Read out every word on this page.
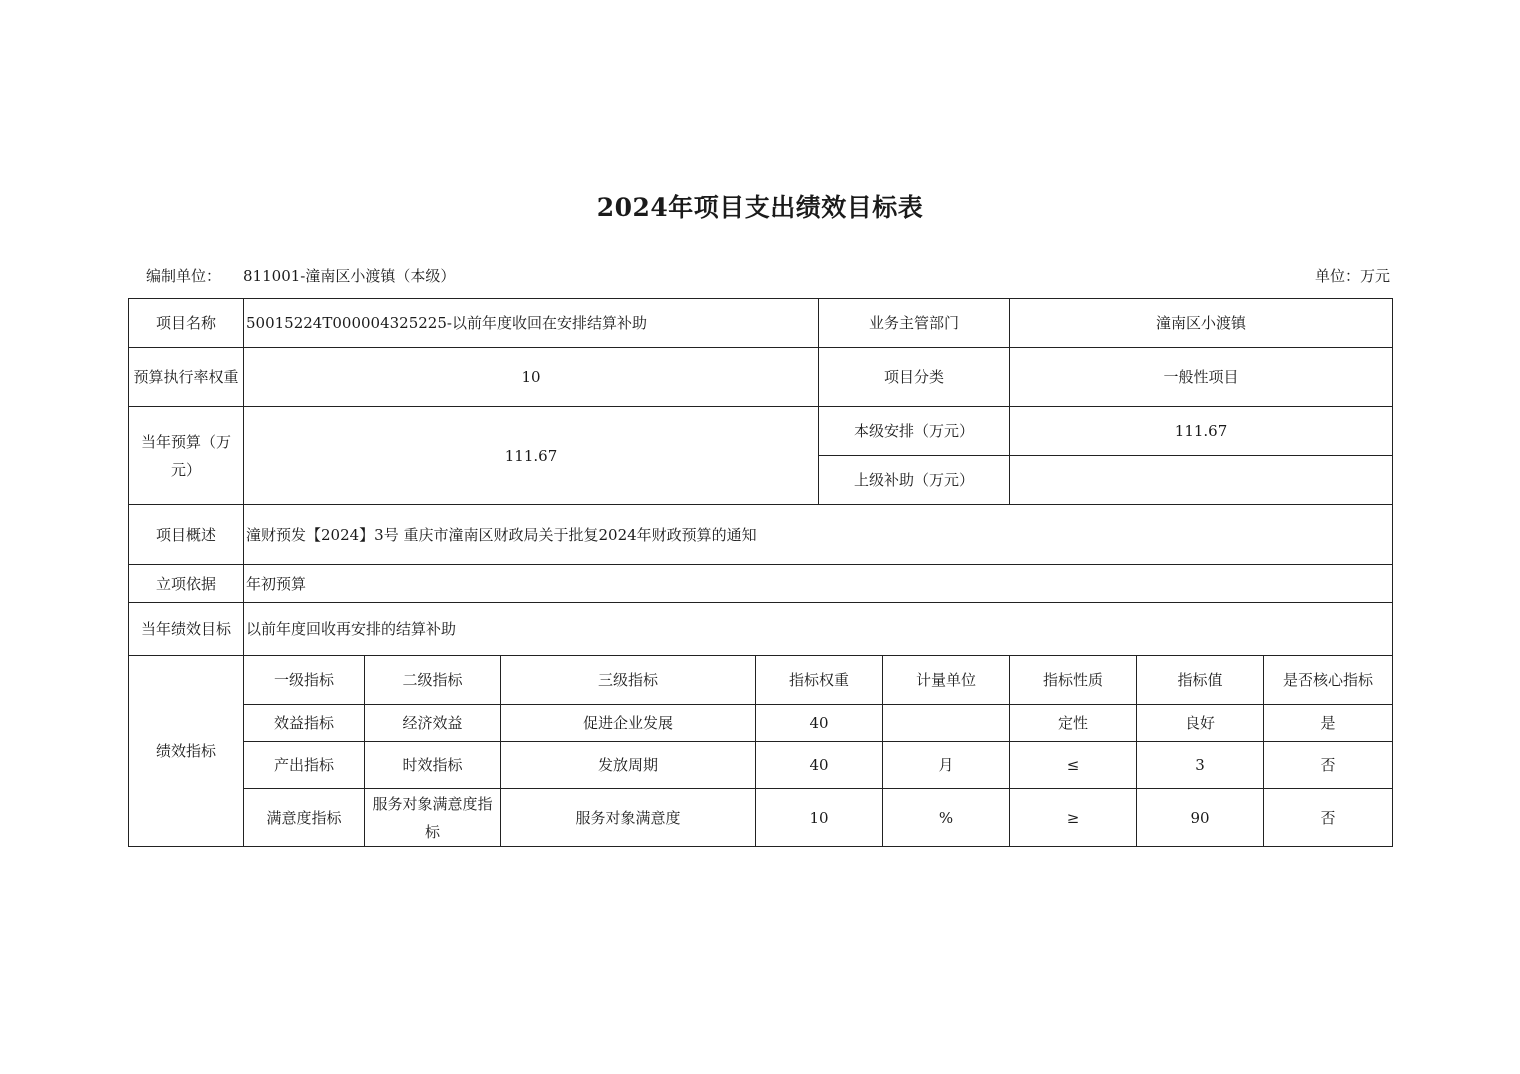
2024年项目支出绩效目标表
编制单位： 811001-潼南区小渡镇（本级）	单位：万元
项目名称	50015224T000004325225-以前年度收回在安排结算补助				业务主管部门		潼南区小渡镇		
预算执行率权重	10				项目分类		一般性项目		
当年预算（万元）	111.67				本级安排（万元）		111.67		
					上级补助（万元）				
项目概述	潼财预发【2024】3号 重庆市潼南区财政局关于批复2024年财政预算的通知								
立项依据	年初预算								
当年绩效目标	以前年度回收再安排的结算补助								
绩效指标	一级指标	二级指标	三级指标	指标权重		计量单位	指标性质	指标值	是否核心指标
	效益指标	经济效益	促进企业发展	40			定性	良好	是
	产出指标	时效指标	发放周期	40		月	≤	3	否
	满意度指标	服务对象满意度指标	服务对象满意度	10		%	≥	90	否
